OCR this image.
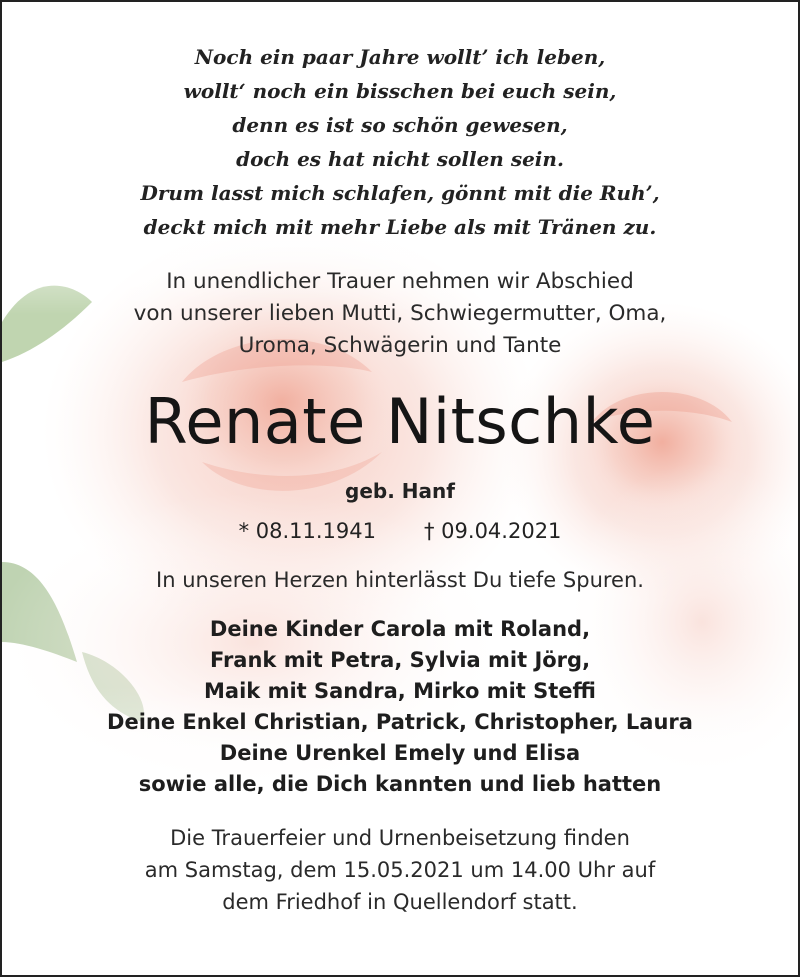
Noch ein paar Jahre wollt’ ich leben,
wollt‘ noch ein bisschen bei euch sein,
denn es ist so schön gewesen,
doch es hat nicht sollen sein.
Drum lasst mich schlafen, gönnt mit die Ruh’,
deckt mich mit mehr Liebe als mit Tränen zu.
In unendlicher Trauer nehmen wir Abschied
von unserer lieben Mutti, Schwiegermutter, Oma,
Uroma, Schwägerin und Tante
Renate Nitschke
geb. Hanf
* 08.11.1941 † 09.04.2021
In unseren Herzen hinterlässt Du tiefe Spuren.
Deine Kinder Carola mit Roland,
Frank mit Petra, Sylvia mit Jörg,
Maik mit Sandra, Mirko mit Steffi
Deine Enkel Christian, Patrick, Christopher, Laura
Deine Urenkel Emely und Elisa
sowie alle, die Dich kannten und lieb hatten
Die Trauerfeier und Urnenbeisetzung finden
am Samstag, dem 15.05.2021 um 14.00 Uhr auf
dem Friedhof in Quellendorf statt.
